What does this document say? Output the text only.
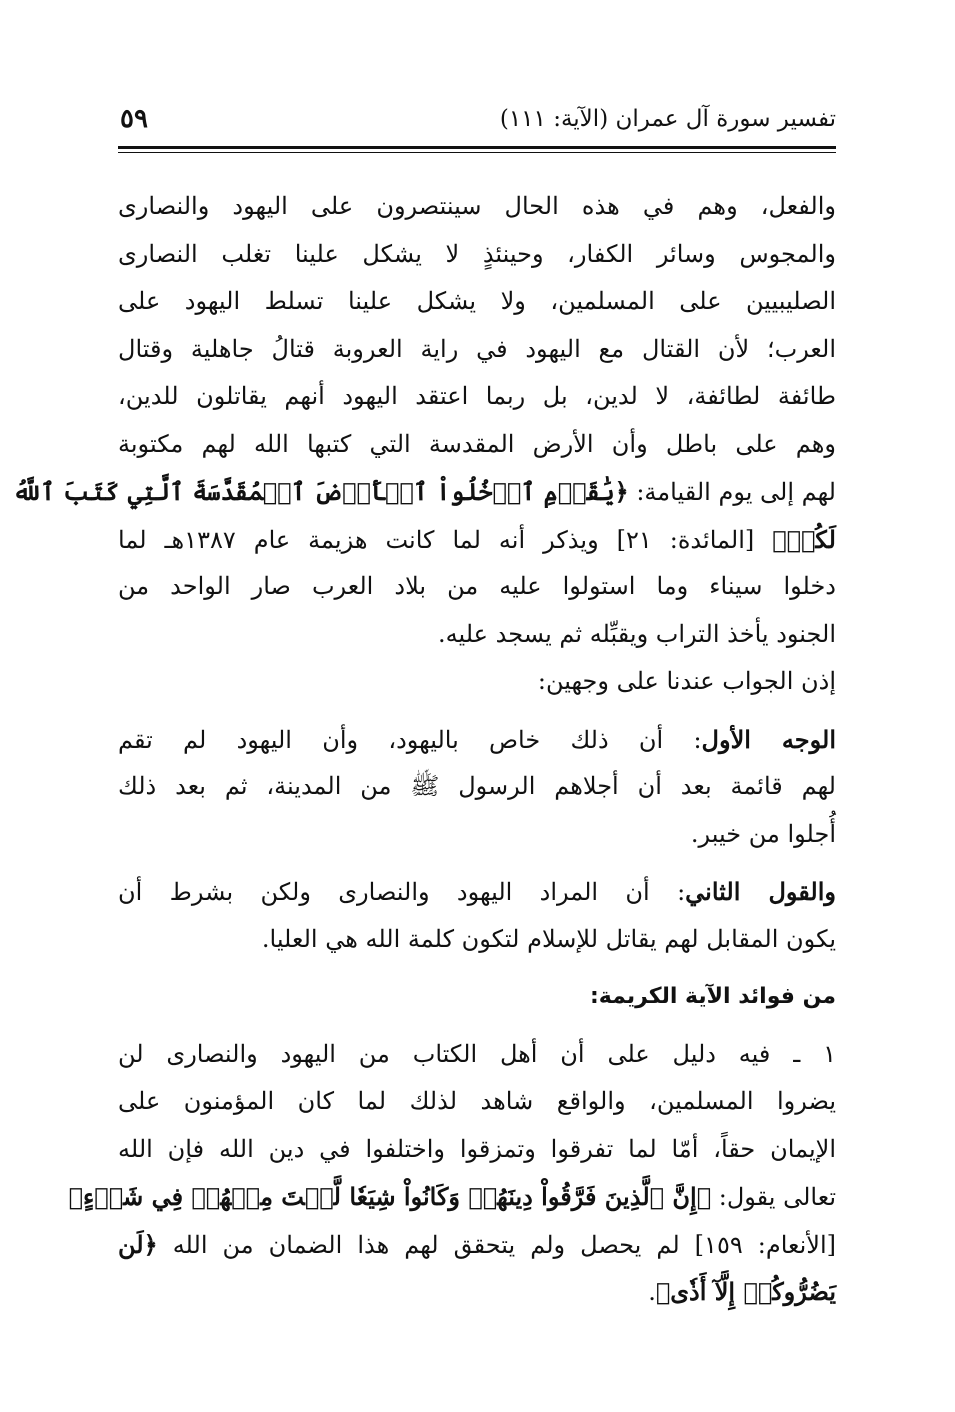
تفسير سورة آل عمران (الآية: ١١١)
٥٩
والفعل، وهم في هذه الحال سينتصرون على اليهود والنصارى
والمجوس وسائر الكفار، وحينئذٍ لا يشكل علينا تغلب النصارى
الصليبيين على المسلمين، ولا يشكل علينا تسلط اليهود على
العرب؛ لأن القتال مع اليهود في راية العروبة قتالُ جاهلية وقتال
طائفة لطائفة، لا لدين، بل ربما اعتقد اليهود أنهم يقاتلون للدين،
وهم على باطل وأن الأرض المقدسة التي كتبها الله لهم مكتوبة
لهم إلى يوم القيامة: ﴿يَٰقَوۡمِ ٱدۡخُلُواْ ٱلۡأَرۡضَ ٱلۡمُقَدَّسَةَ ٱلَّتِي كَتَبَ ٱللَّهُ
لَكُمۡ﴾ [المائدة: ٢١] ويذكر أنه لما كانت هزيمة عام ١٣٨٧هـ لما
دخلوا سيناء وما استولوا عليه من بلاد العرب صار الواحد من
الجنود يأخذ التراب ويقبِّله ثم يسجد عليه.
إذن الجواب عندنا على وجهين:
الوجه الأول: أن ذلك خاص باليهود، وأن اليهود لم تقم
لهم قائمة بعد أن أجلاهم الرسول ﷺ من المدينة، ثم بعد ذلك
أُجلوا من خيبر.
والقول الثاني: أن المراد اليهود والنصارى ولكن بشرط أن
يكون المقابل لهم يقاتل للإسلام لتكون كلمة الله هي العليا.
من فوائد الآية الكريمة:
١ ـ فيه دليل على أن أهل الكتاب من اليهود والنصارى لن
يضروا المسلمين، والواقع شاهد لذلك لما كان المؤمنون على
الإيمان حقاً، أمّا لما تفرقوا وتمزقوا واختلفوا في دين الله فإن الله
تعالى يقول: ﴿إِنَّ ٱلَّذِينَ فَرَّقُواْ دِينَهُمۡ وَكَانُواْ شِيَعٗا لَّسۡتَ مِنۡهُمۡ فِي شَيۡءٍ﴾
[الأنعام: ١٥٩] لم يحصل ولم يتحقق لهم هذا الضمان من الله ﴿لَن
يَضُرُّوكُمۡ إِلَّآ أَذٗى﴾.
